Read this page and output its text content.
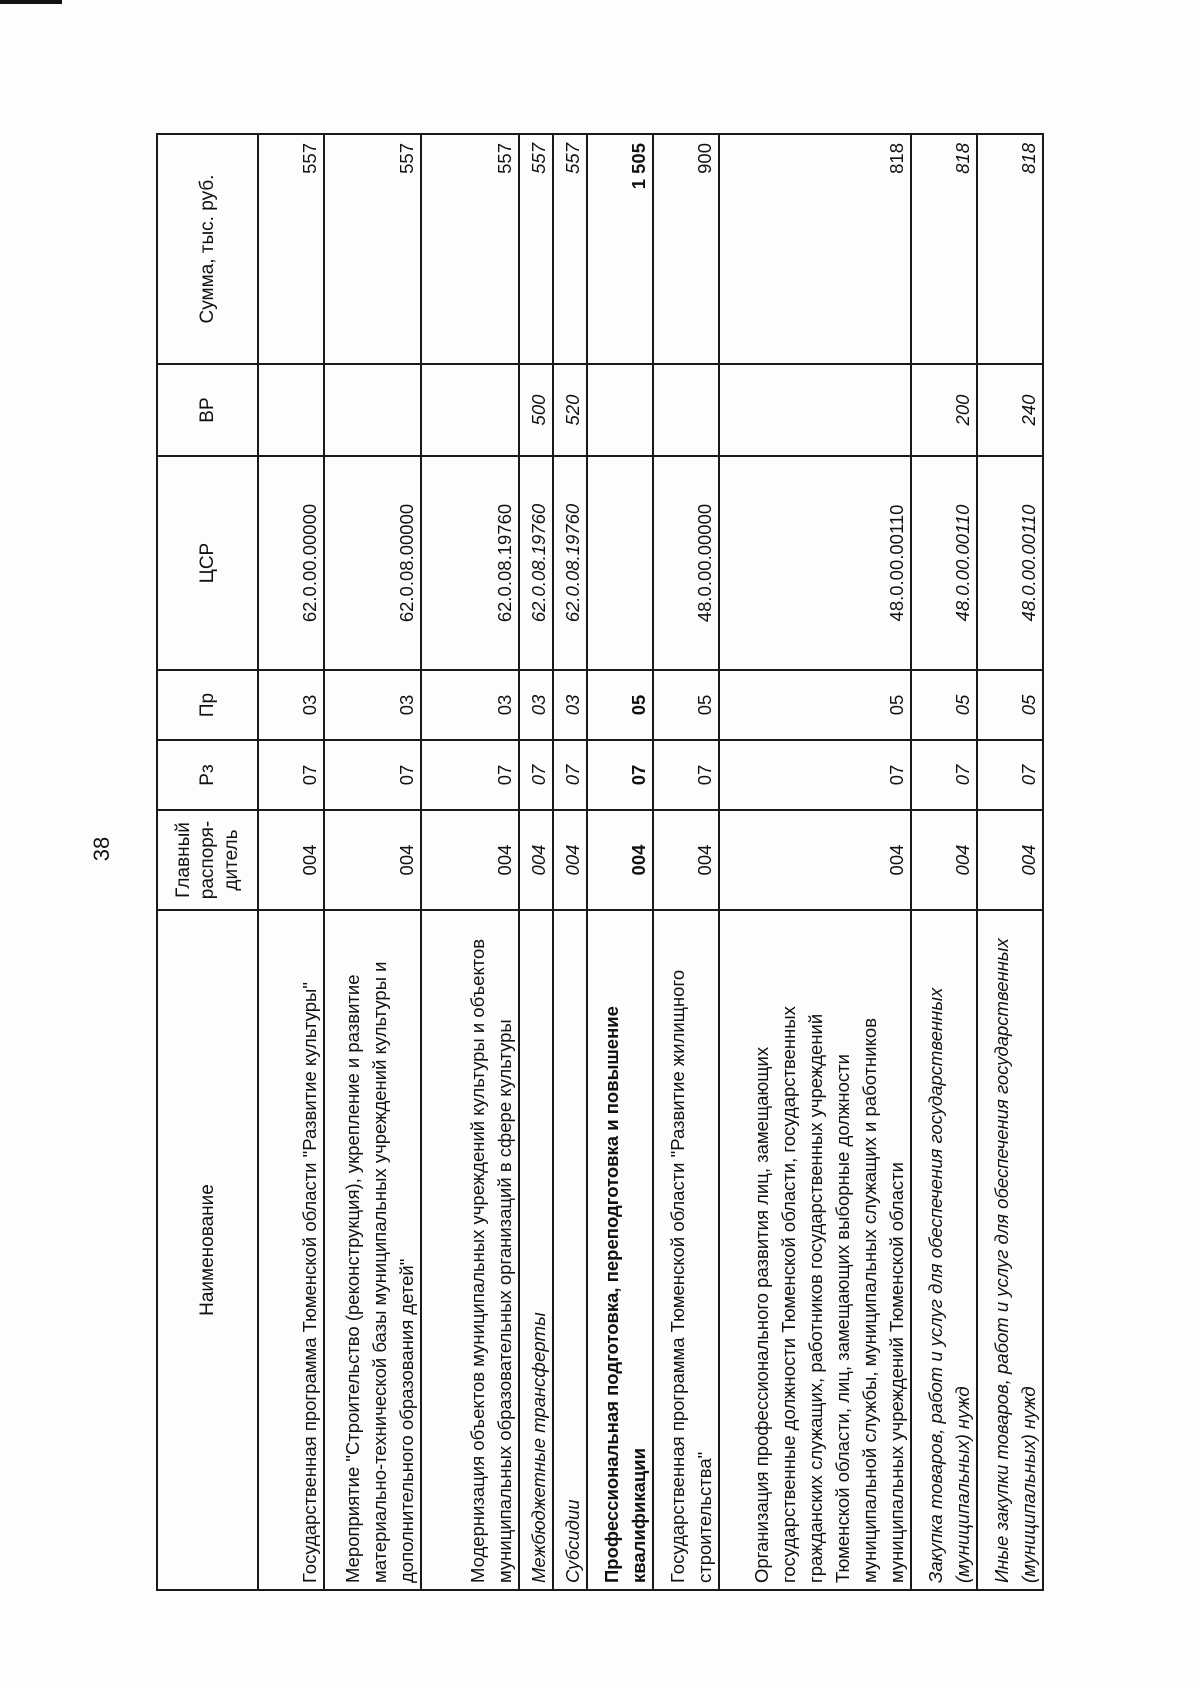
38
Наименование	Главный распоря-дитель	Рз	Пр	ЦСР	ВР	Сумма, тыс. руб.
Государственная программа Тюменской области "Развитие культуры"	004	07	03	62.0.00.00000		557
Мероприятие "Строительство (реконструкция), укрепление и развитие материально-технической базы муниципальных учреждений культуры и дополнительного образования детей"	004	07	03	62.0.08.00000		557
Модернизация объектов муниципальных учреждений культуры и объектов муниципальных образовательных организаций в сфере культуры	004	07	03	62.0.08.19760		557
Межбюджетные трансферты	004	07	03	62.0.08.19760	500	557
Субсидии	004	07	03	62.0.08.19760	520	557
Профессиональная подготовка, переподготовка и повышение квалификации	004	07	05			1 505
Государственная программа Тюменской области "Развитие жилищного строительства"	004	07	05	48.0.00.00000		900
Организация профессионального развития лиц, замещающих государственные должности Тюменской области, государственных гражданских служащих, работников государственных учреждений Тюменской области, лиц, замещающих выборные должности муниципальной службы, муниципальных служащих и работников муниципальных учреждений Тюменской области	004	07	05	48.0.00.00110		818
Закупка товаров, работ и услуг для обеспечения государственных (муниципальных) нужд	004	07	05	48.0.00.00110	200	818
Иные закупки товаров, работ и услуг для обеспечения государственных (муниципальных) нужд	004	07	05	48.0.00.00110	240	818
